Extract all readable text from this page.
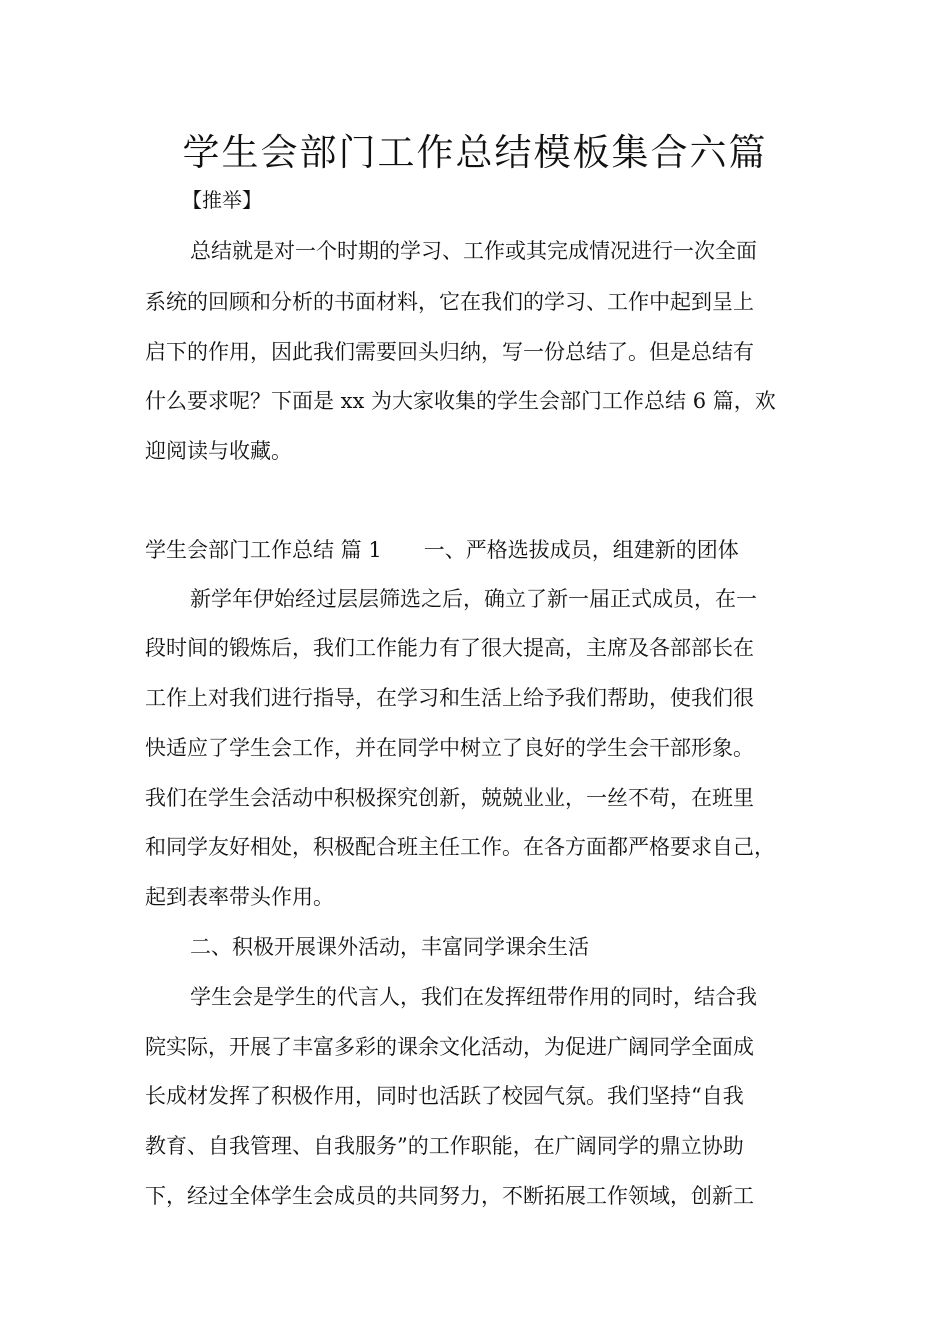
学生会部门工作总结模板集合六篇
【推举】
总结就是对一个时期的学习、工作或其完成情况进行一次全面
系统的回顾和分析的书面材料，它在我们的学习、工作中起到呈上
启下的作用，因此我们需要回头归纳，写一份总结了。但是总结有
什么要求呢？下面是 xx 为大家收集的学生会部门工作总结 6 篇，欢
迎阅读与收藏。
学生会部门工作总结 篇 1 一、严格选拔成员，组建新的团体
新学年伊始经过层层筛选之后，确立了新一届正式成员，在一
段时间的锻炼后，我们工作能力有了很大提高，主席及各部部长在
工作上对我们进行指导，在学习和生活上给予我们帮助，使我们很
快适应了学生会工作，并在同学中树立了良好的学生会干部形象。
我们在学生会活动中积极探究创新，兢兢业业，一丝不苟，在班里
和同学友好相处，积极配合班主任工作。在各方面都严格要求自己，
起到表率带头作用。
二、积极开展课外活动，丰富同学课余生活
学生会是学生的代言人，我们在发挥纽带作用的同时，结合我
院实际，开展了丰富多彩的课余文化活动，为促进广阔同学全面成
长成材发挥了积极作用，同时也活跃了校园气氛。我们坚持“自我
教育、自我管理、自我服务”的工作职能，在广阔同学的鼎立协助
下，经过全体学生会成员的共同努力，不断拓展工作领域，创新工
